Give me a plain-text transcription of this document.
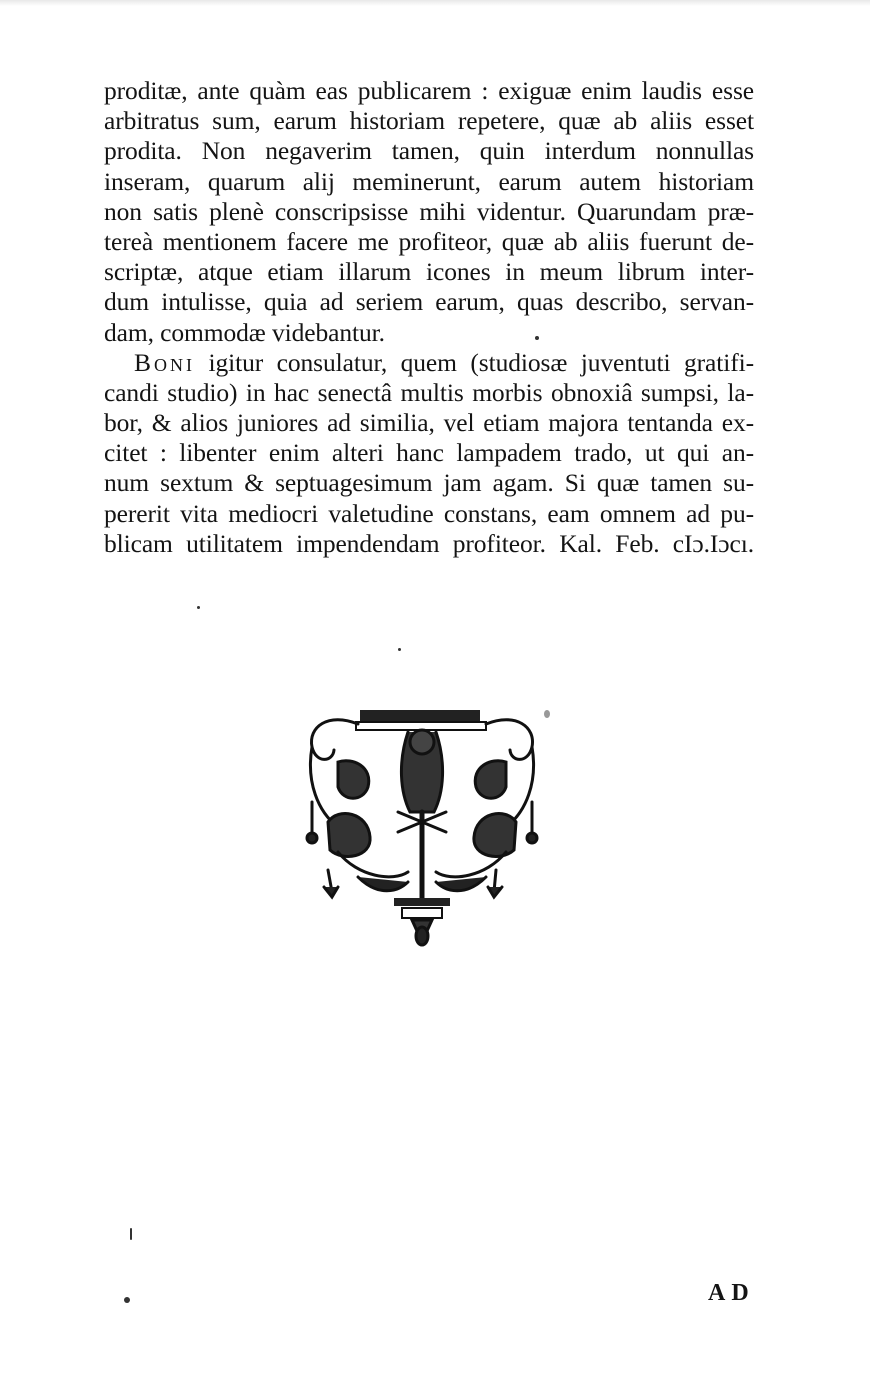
proditæ, ante quàm eas publicarem : exiguæ enim laudis esse
arbitratus sum, earum historiam repetere, quæ ab aliis esset
prodita. Non negaverim tamen, quin interdum nonnullas
inseram, quarum alij meminerunt, earum autem historiam
non satis plenè conscripsisse mihi videntur. Quarundam præ-
tereà mentionem facere me profiteor, quæ ab aliis fuerunt de-
scriptæ, atque etiam illarum icones in meum librum inter-
dum intulisse, quia ad seriem earum, quas describo, servan-
dam, commodæ videbantur.
Boni igitur consulatur, quem (studiosæ juventuti gratifi-
candi studio) in hac senectâ multis morbis obnoxiâ sumpsi, la-
bor, & alios juniores ad similia, vel etiam majora tentanda ex-
citet : libenter enim alteri hanc lampadem trado, ut qui an-
num sextum & septuagesimum jam agam. Si quæ tamen su-
pererit vita mediocri valetudine constans, eam omnem ad pu-
blicam utilitatem impendendam profiteor. Kal. Feb. cIɔ.Iɔcı.
AD
